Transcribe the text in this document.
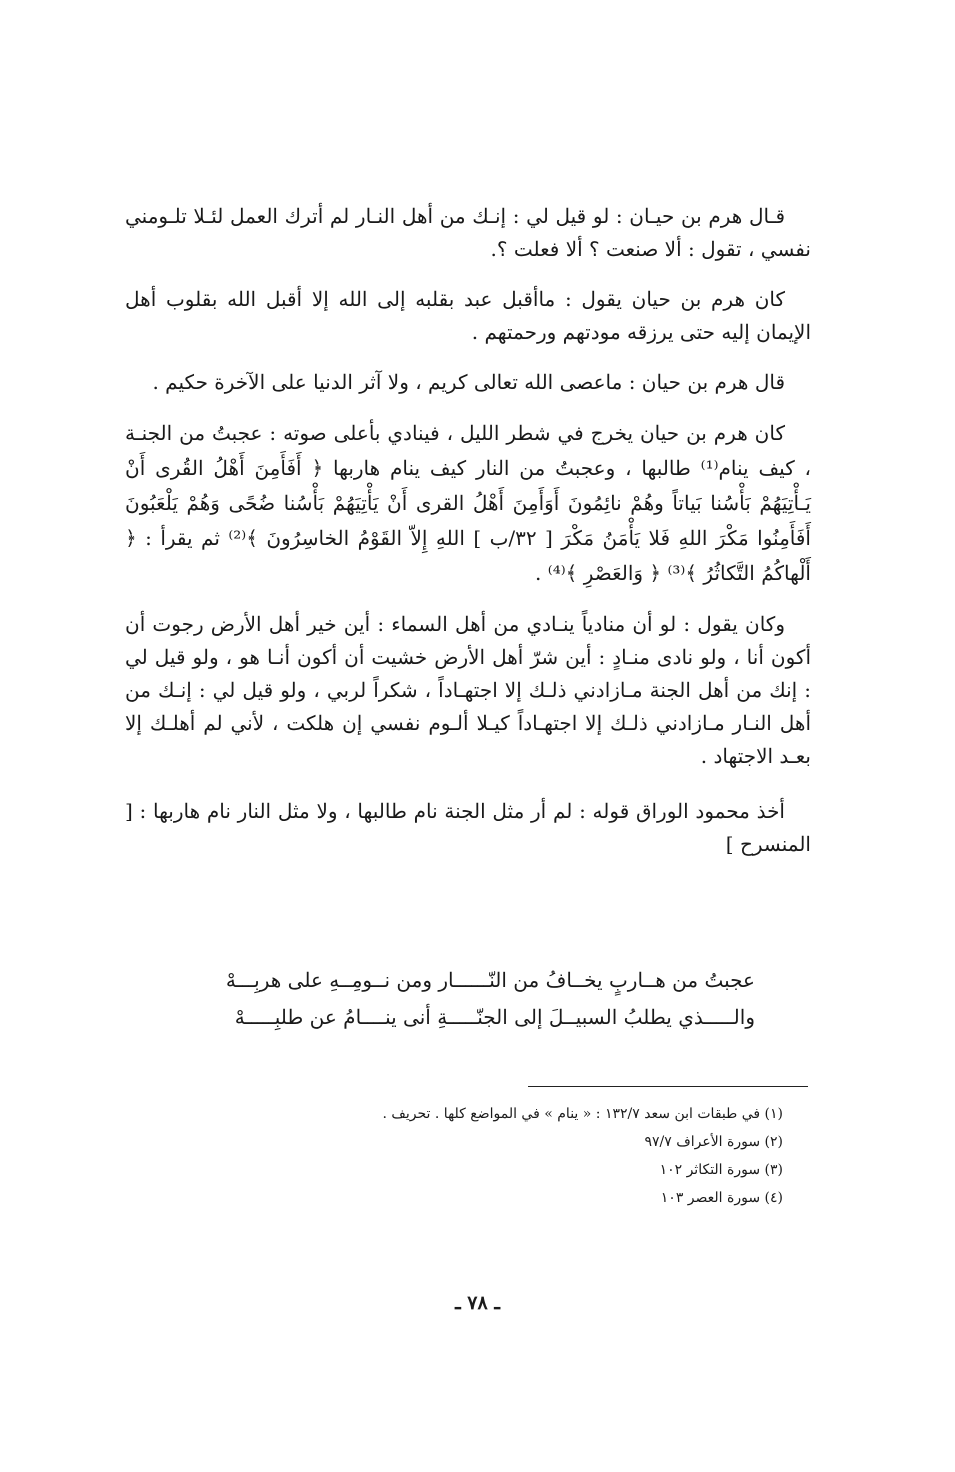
قـال هرم بن حيـان : لو قيل لي : إنـك من أهل النـار لم أترك العمل لئـلا تلـومني نفسي ، تقول : ألا صنعت ؟ ألا فعلت ؟.

كان هرم بن حيان يقول : ماأقبل عبد بقلبه إلى الله إلا أقبل الله بقلوب أهل الإيمان إليه حتى يرزقه مودتهم ورحمتهم .

قال هرم بن حيان : ماعصى الله تعالى كريم ، ولا آثر الدنيا على الآخرة حكيم .

كان هرم بن حيان يخرج في شطر الليل ، فينادي بأعلى صوته : عجبتُ من الجنـة ، كيف ينام⁽¹⁾ طالبها ، وعجبتُ من النار كيف ينام هاربها ﴿ أَفَأَمِنَ أَهْلُ القُرى أَنْ يَـأْتِيَهُمْ بَأْسُنا بَياتاً وهُمْ نائِمُونَ أَوَأَمِنَ أَهْلُ القرى أَنْ يَأْتِيَهُمْ بَأْسُنا ضُحًى وَهُمْ يَلْعَبُونَ أَفَأَمِنُوا مَكْرَ اللهِ فَلا يَأْمَنُ مَكْرَ [ ٣٢/ب ] اللهِ إِلاّ القَوْمُ الخاسِرُونَ ﴾⁽²⁾ ثم يقرأ : ﴿ أَلْهاكُمُ التَّكاثُرُ ﴾⁽³⁾ ﴿ وَالعَصْرِ ﴾⁽⁴⁾ .

وكان يقول : لو أن منادياً ينـادي من أهل السماء : أين خير أهل الأرض رجوت أن أكون أنا ، ولو نادى منـادٍ : أين شرّ أهل الأرض خشيت أن أكون أنـا هو ، ولو قيل لي : إنك من أهل الجنة مـازادني ذلـك إلا اجتهـاداً ، شكراً لربي ، ولو قيل لي : إنـك من أهل النـار مـازادني ذلـك إلا اجتهـاداً كيـلا ألـوم نفسي إن هلكت ، لأني لم أهلـك إلا بعـد الاجتهاد .

أخذ محمود الوراق قوله : لم أر مثل الجنة نام طالبها ، ولا مثل النار نام هاربها : [ المنسرح ]

عجبتُ من هــاربٍ يخــافُ من النّــــــار ومن نــومِــهِ على هربِـــهْ
والـــــذي يطلبُ السبيــلَ إلى الجنّـــــةِ أنى ينــــامُ عن طلبِـــــهْ
(١) في طبقات ابن سعد ١٣٢/٧ : « ينام » في المواضع كلها . تحريف .
(٢) سورة الأعراف ٩٧/٧
(٣) سورة التكاثر ١٠٢
(٤) سورة العصر ١٠٣
ـ ٧٨ ـ
